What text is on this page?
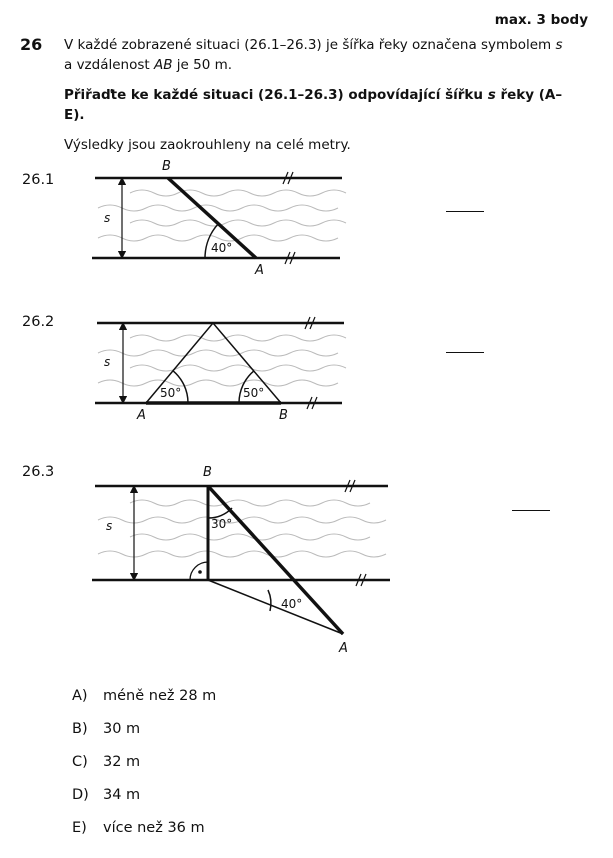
max. 3 body
26 V každé zobrazené situaci (26.1–26.3) je šířka řeky označena symbolem s

a vzdálenost AB je 50 m.

Přiřaďte ke každé situaci (26.1–26.3) odpovídající šířku s řeky (A– E).

Výsledky jsou zaokrouhleny na celé metry.

26.1
26.2
26.3
s
40°
B
A
s
50°	50°
A	B
s	30°
40°
B
A
A)	méně než 28 m
B)	30 m
C)	32 m
D) 34 m
E)	více než 36 m
